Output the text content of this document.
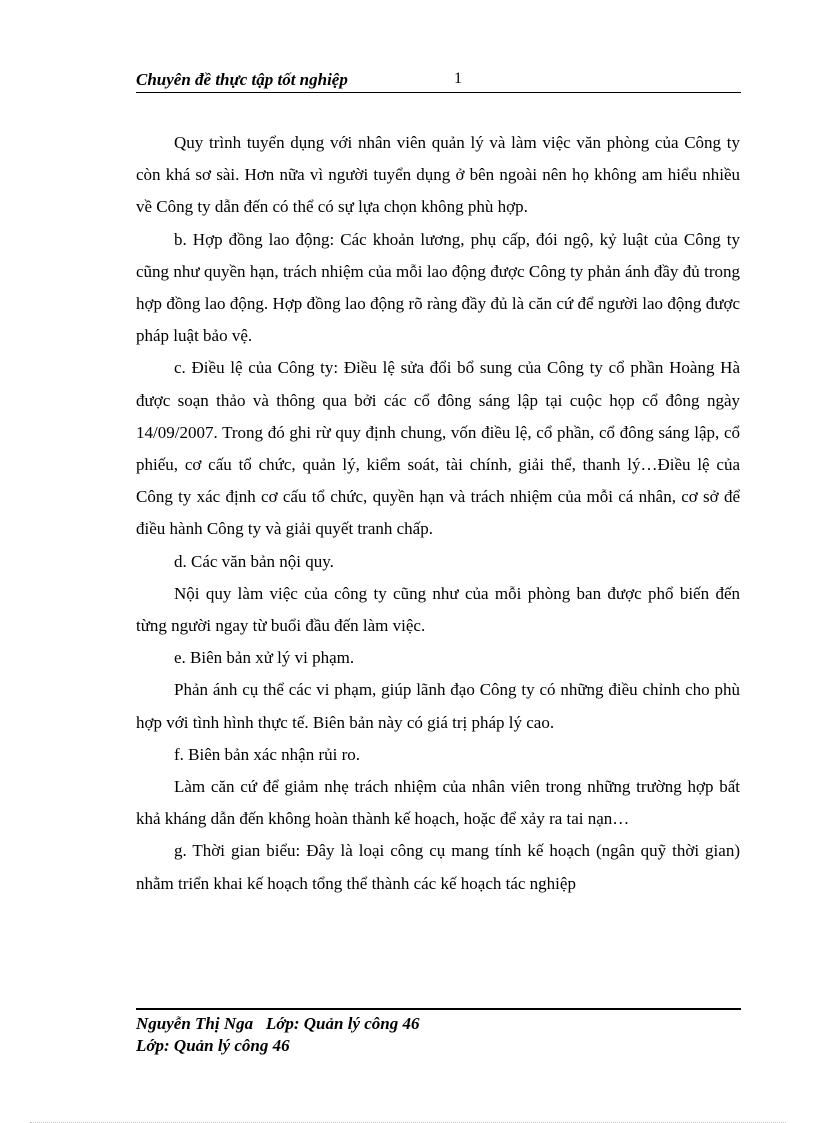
Chuyên đề thực tập tốt nghiệp	1

Quy trình tuyển dụng với nhân viên quản lý và làm việc văn phòng của Công ty còn khá sơ sài. Hơn nữa vì người tuyển dụng ở bên ngoài nên họ không am hiểu nhiều về Công ty dẫn đến có thể có sự lựa chọn không phù hợp.

b. Hợp đồng lao động: Các khoản lương, phụ cấp, đói ngộ, kỷ luật của Công ty cũng như quyền hạn, trách nhiệm của mỗi lao động được Công ty phản ánh đầy đủ trong hợp đồng lao động. Hợp đồng lao động rõ ràng đầy đủ là căn cứ để người lao động được pháp luật bảo vệ.

c. Điều lệ của Công ty: Điều lệ sửa đổi bổ sung của Công ty cổ phần Hoàng Hà được soạn thảo và thông qua bởi các cổ đông sáng lập tại cuộc họp cổ đông ngày 14/09/2007. Trong đó ghi rừ quy định chung, vốn điều lệ, cổ phần, cổ đông sáng lập, cổ phiếu, cơ cấu tổ chức, quản lý, kiểm soát, tài chính, giải thể, thanh lý…Điều lệ của Công ty xác định cơ cấu tổ chức, quyền hạn và trách nhiệm của mỗi cá nhân, cơ sở để điều hành Công ty và giải quyết tranh chấp.

d. Các văn bản nội quy.

Nội quy làm việc của công ty cũng như của mỗi phòng ban được phổ biến đến từng người ngay từ buổi đầu đến làm việc.

e. Biên bản xử lý vi phạm.

Phản ánh cụ thể các vi phạm, giúp lãnh đạo Công ty có những điều chỉnh cho phù hợp với tình hình thực tế. Biên bản này có giá trị pháp lý cao.

f. Biên bản xác nhận rủi ro.

Làm căn cứ để giảm nhẹ trách nhiệm của nhân viên trong những trường hợp bất khả kháng dẫn đến không hoàn thành kế hoạch, hoặc để xảy ra tai nạn…

g. Thời gian biểu: Đây là loại công cụ mang tính kế hoạch (ngân quỹ thời gian) nhằm triển khai kế hoạch tổng thể thành các kế hoạch tác nghiệp

Nguyễn Thị Nga   Lớp: Quản lý công 46
Lớp: Quản lý công 46
